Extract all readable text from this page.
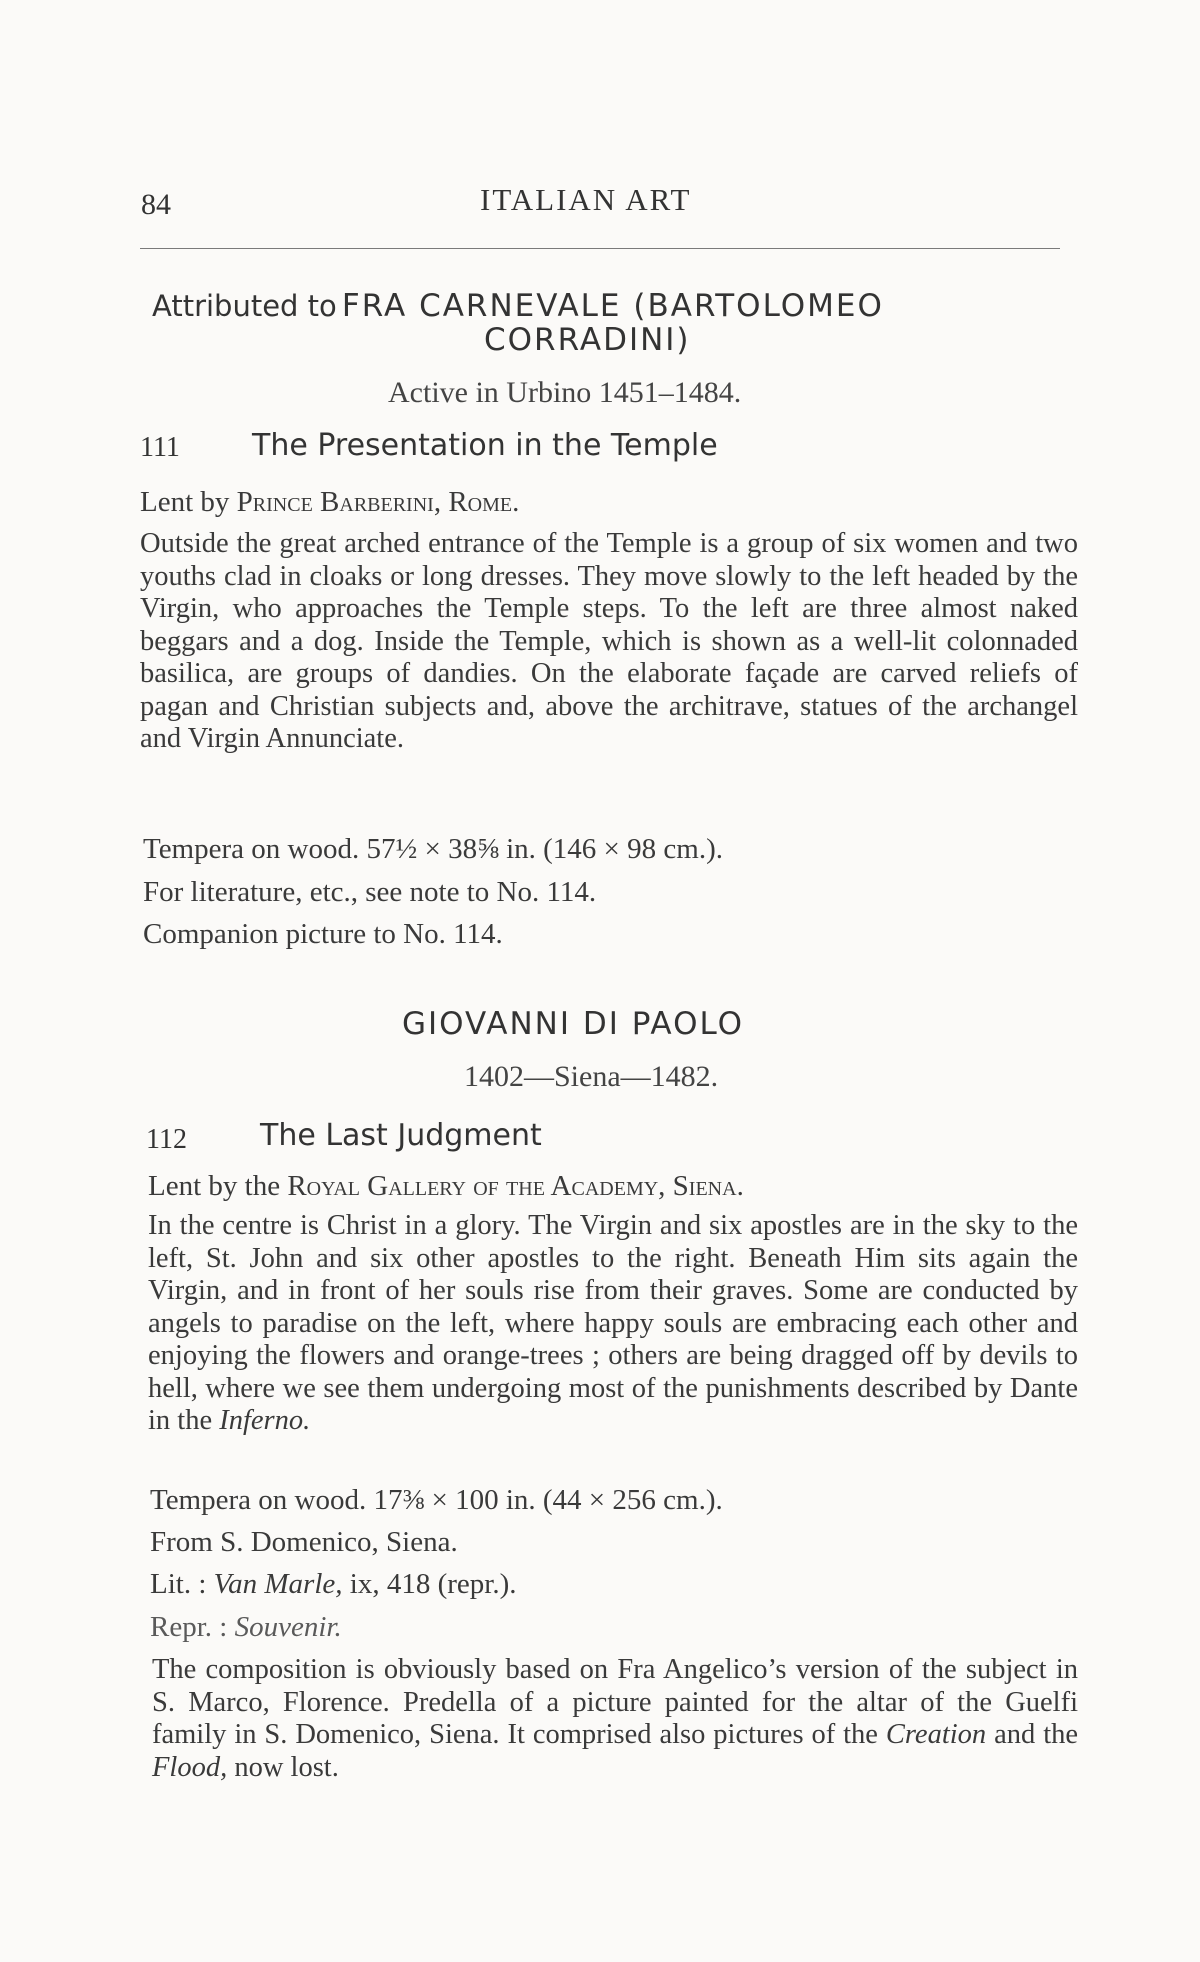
84	ITALIAN ART
Attributed to FRA CARNEVALE (BARTOLOMEO
CORRADINI)
Active in Urbino 1451–1484.
111 The Presentation in the Temple
Lent by Prince Barberini, Rome.
Outside the great arched entrance of the Temple is a group of six women and two youths clad in cloaks or long dresses. They move slowly to the left headed by the Virgin, who approaches the Temple steps. To the left are three almost naked beggars and a dog. Inside the Temple, which is shown as a well-lit colonnaded basilica, are groups of dandies. On the elaborate façade are carved reliefs of pagan and Christian subjects and, above the architrave, statues of the archangel and Virgin Annunciate.
Tempera on wood. 57½ × 38⅝ in. (146 × 98 cm.).
For literature, etc., see note to No. 114.
Companion picture to No. 114.
GIOVANNI DI PAOLO
1402—Siena—1482.
112 The Last Judgment
Lent by the Royal Gallery of the Academy, Siena.
In the centre is Christ in a glory. The Virgin and six apostles are in the sky to the left, St. John and six other apostles to the right. Beneath Him sits again the Virgin, and in front of her souls rise from their graves. Some are conducted by angels to paradise on the left, where happy souls are embracing each other and enjoying the flowers and orange-trees ; others are being dragged off by devils to hell, where we see them undergoing most of the punishments described by Dante in the Inferno.
Tempera on wood. 17⅜ × 100 in. (44 × 256 cm.).
From S. Domenico, Siena.
Lit. : Van Marle, ix, 418 (repr.).
Repr. : Souvenir.
The composition is obviously based on Fra Angelico’s version of the subject in S. Marco, Florence. Predella of a picture painted for the altar of the Guelfi family in S. Domenico, Siena. It comprised also pictures of the Creation and the Flood, now lost.
